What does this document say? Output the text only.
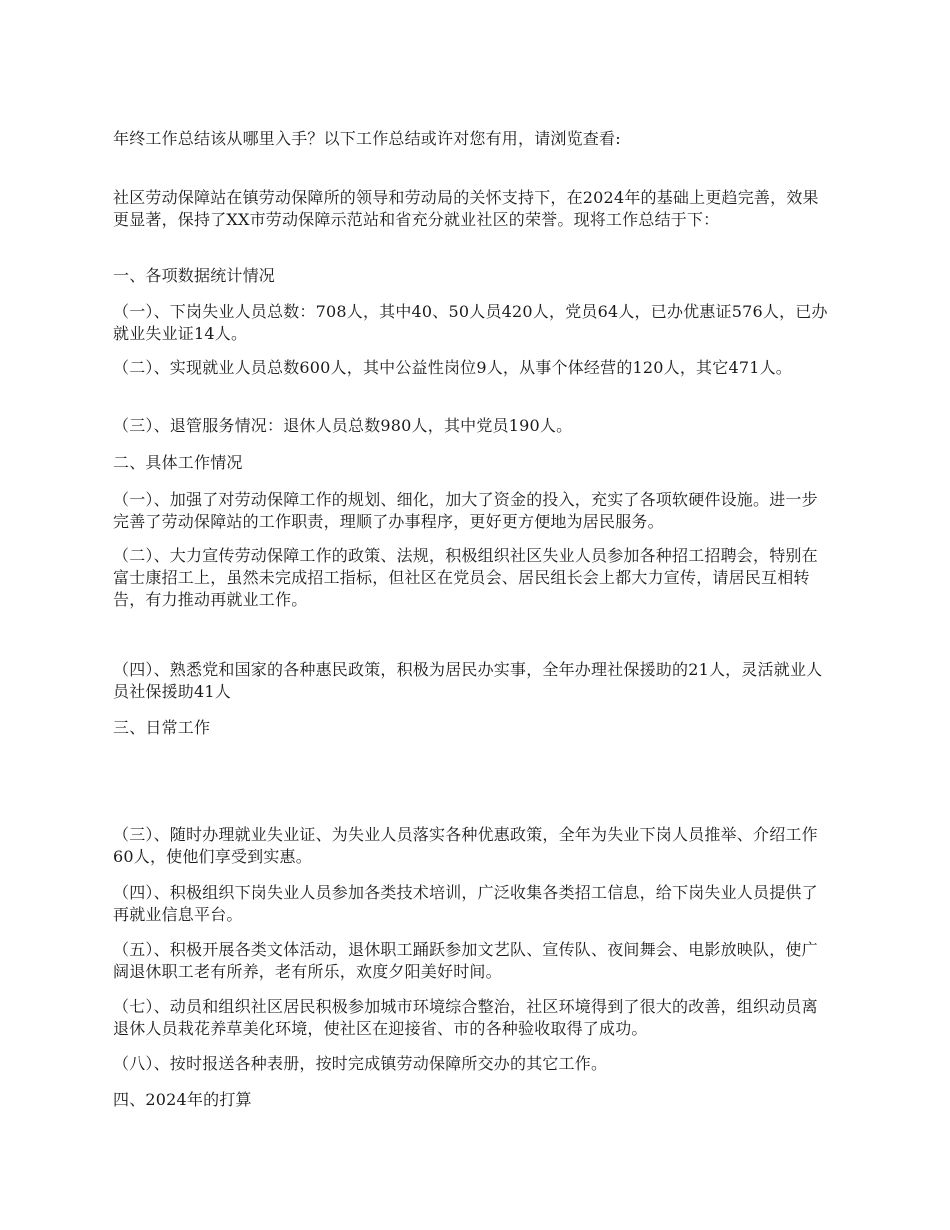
年终工作总结该从哪里入手？以下工作总结或许对您有用，请浏览查看:

社区劳动保障站在镇劳动保障所的领导和劳动局的关怀支持下，在2024年的基础上更趋完善，效果更显著，保持了XX市劳动保障示范站和省充分就业社区的荣誉。现将工作总结于下：

一、各项数据统计情况

（一）、下岗失业人员总数：708人，其中40、50人员420人，党员64人，已办优惠证576人，已办就业失业证14人。

（二）、实现就业人员总数600人，其中公益性岗位9人，从事个体经营的120人，其它471人。

（三）、退管服务情况：退休人员总数980人，其中党员190人。

二、具体工作情况

（一）、加强了对劳动保障工作的规划、细化，加大了资金的投入，充实了各项软硬件设施。进一步完善了劳动保障站的工作职责，理顺了办事程序，更好更方便地为居民服务。

（二）、大力宣传劳动保障工作的政策、法规，积极组织社区失业人员参加各种招工招聘会，特别在富士康招工上，虽然未完成招工指标，但社区在党员会、居民组长会上都大力宣传，请居民互相转告，有力推动再就业工作。

（四）、熟悉党和国家的各种惠民政策，积极为居民办实事，全年办理社保援助的21人，灵活就业人员社保援助41人

三、日常工作

（三）、随时办理就业失业证、为失业人员落实各种优惠政策，全年为失业下岗人员推举、介绍工作60人，使他们享受到实惠。

（四）、积极组织下岗失业人员参加各类技术培训，广泛收集各类招工信息，给下岗失业人员提供了再就业信息平台。

（五）、积极开展各类文体活动，退休职工踊跃参加文艺队、宣传队、夜间舞会、电影放映队，使广阔退休职工老有所养，老有所乐，欢度夕阳美好时间。

（七）、动员和组织社区居民积极参加城市环境综合整治，社区环境得到了很大的改善，组织动员离退休人员栽花养草美化环境，使社区在迎接省、市的各种验收取得了成功。

（八）、按时报送各种表册，按时完成镇劳动保障所交办的其它工作。

四、2024年的打算
